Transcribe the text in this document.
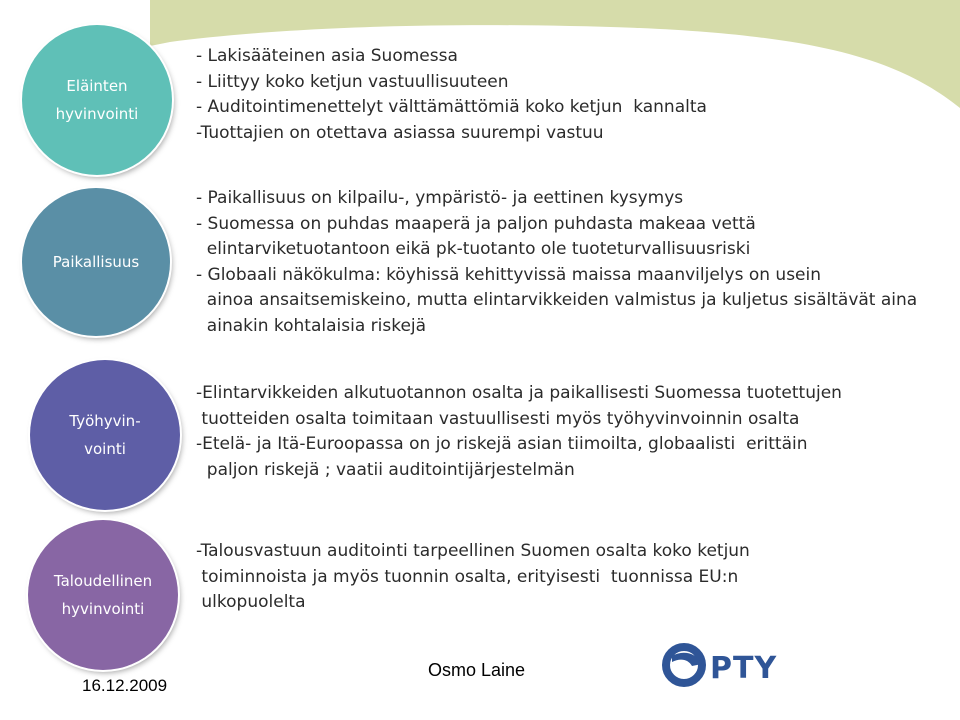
Eläinten
hyvinvointi
- Lakisääteinen asia Suomessa
- Liittyy koko ketjun vastuullisuuteen
- Auditointimenettelyt välttämättömiä koko ketjun  kannalta
-Tuottajien on otettava asiassa suurempi vastuu
Paikallisuus
- Paikallisuus on kilpailu-, ympäristö- ja eettinen kysymys
- Suomessa on puhdas maaperä ja paljon puhdasta makeaa vettä
elintarviketuotantoon eikä pk-tuotanto ole tuoteturvallisuusriski
- Globaali näkökulma: köyhissä kehittyvissä maissa maanviljelys on usein
ainoa ansaitsemiskeino, mutta elintarvikkeiden valmistus ja kuljetus sisältävät aina
ainakin kohtalaisia riskejä
Työhyvin-
vointi
-Elintarvikkeiden alkutuotannon osalta ja paikallisesti Suomessa tuotettujen
tuotteiden osalta toimitaan vastuullisesti myös työhyvinvoinnin osalta
-Etelä- ja Itä-Euroopassa on jo riskejä asian tiimoilta, globaalisti  erittäin
paljon riskejä ; vaatii auditointijärjestelmän
Taloudellinen
hyvinvointi
-Talousvastuun auditointi tarpeellinen Suomen osalta koko ketjun
toiminnoista ja myös tuonnin osalta, erityisesti  tuonnissa EU:n
ulkopuolelta
16.12.2009
Osmo Laine	PTY
